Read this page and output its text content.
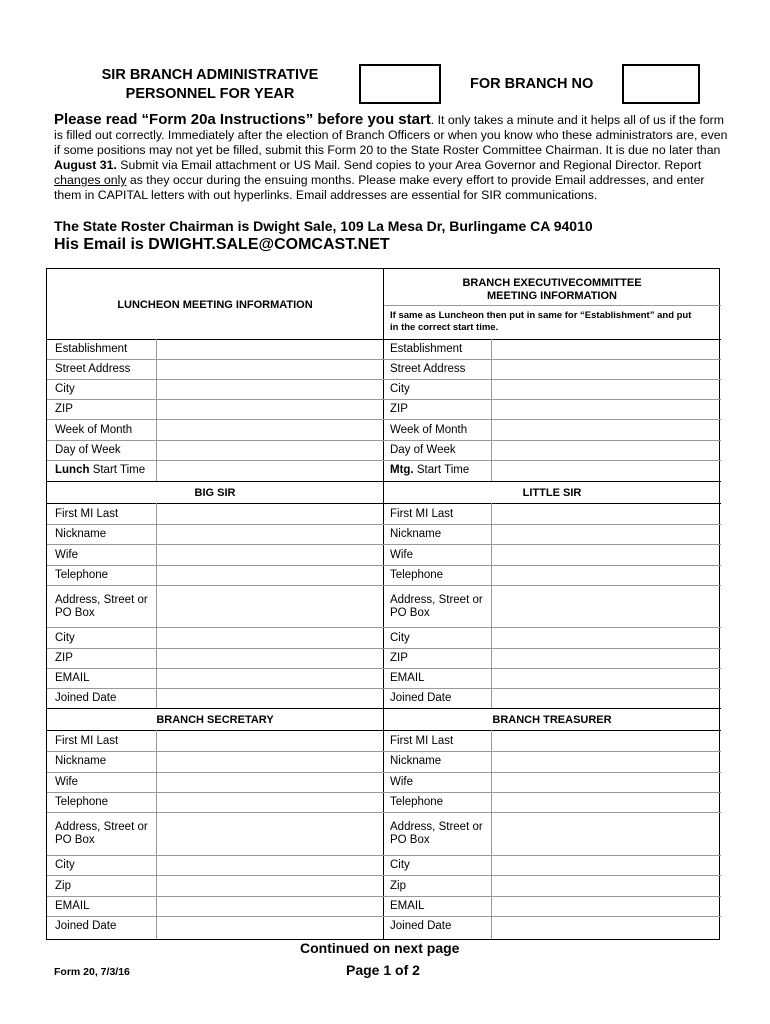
SIR BRANCH ADMINISTRATIVE
PERSONNEL FOR YEAR
FOR BRANCH NO
Please read “Form 20a Instructions” before you start. It only takes a minute and it helps all of us if the form is filled out correctly. Immediately after the election of Branch Officers or when you know who these administrators are, even if some positions may not yet be filled, submit this Form 20 to the State Roster Committee Chairman. It is due no later than August 31. Submit via Email attachment or US Mail. Send copies to your Area Governor and Regional Director. Report changes only as they occur during the ensuing months. Please make every effort to provide Email addresses, and enter them in CAPITAL letters with out hyperlinks. Email addresses are essential for SIR communications.
The State Roster Chairman is Dwight Sale, 109 La Mesa Dr, Burlingame CA 94010
His Email is DWIGHT.SALE@COMCAST.NET
LUNCHEON MEETING INFORMATION
BRANCH EXECUTIVECOMMITTEE
MEETING INFORMATION
If same as Luncheon then put in same for “Establishment” and put
in the correct start time.
Establishment
Street Address
City
ZIP
Week of Month
Day of Week
Lunch Start Time
Establishment
Street Address
City
ZIP
Week of Month
Day of Week
Mtg. Start Time
BIG SIR	LITTLE SIR
First MI Last
Nickname
Wife
Telephone
Address, Street or PO Box
City
ZIP
EMAIL
Joined Date
First MI Last
Nickname
Wife
Telephone
Address, Street or PO Box
City
ZIP
EMAIL
Joined Date
BRANCH SECRETARY	BRANCH TREASURER
First MI Last
Nickname
Wife
Telephone
Address, Street or PO Box
City
Zip
EMAIL
Joined Date
First MI Last
Nickname
Wife
Telephone
Address, Street or PO Box
City
Zip
EMAIL
Joined Date
Continued on next page
Page 1 of 2
Form 20, 7/3/16
